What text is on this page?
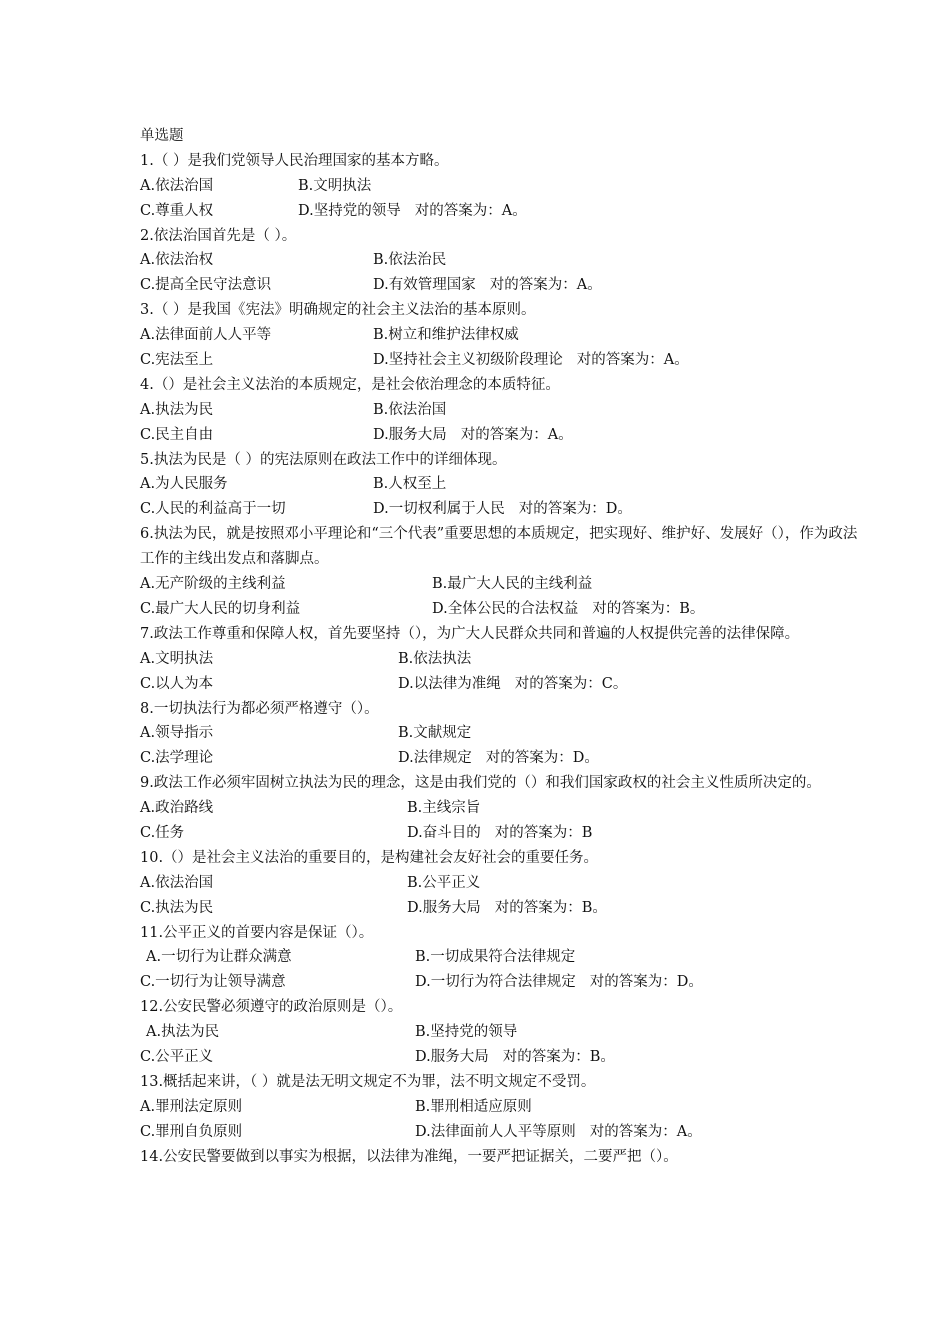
单选题
1.（ ）是我们党领导人民治理国家的基本方略。
A.依法治国	B.文明执法
C.尊重人权	D.坚持党的领导 对的答案为：A。
2.依法治国首先是（ ）。
A.依法治权	B.依法治民
C.提高全民守法意识	D.有效管理国家 对的答案为：A。
3.（ ）是我国《宪法》明确规定的社会主义法治的基本原则。
A.法律面前人人平等	B.树立和维护法律权威
C.宪法至上	D.坚持社会主义初级阶段理论 对的答案为：A。
4.（）是社会主义法治的本质规定，是社会依治理念的本质特征。
A.执法为民	B.依法治国
C.民主自由	D.服务大局 对的答案为：A。
5.执法为民是（ ）的宪法原则在政法工作中的详细体现。
A.为人民服务	B.人权至上
C.人民的利益高于一切	D.一切权利属于人民 对的答案为：D。
6.执法为民，就是按照邓小平理论和“三个代表”重要思想的本质规定，把实现好、维护好、发展好（），作为政法工作的主线出发点和落脚点。
A.无产阶级的主线利益	B.最广大人民的主线利益
C.最广大人民的切身利益	D.全体公民的合法权益 对的答案为：B。
7.政法工作尊重和保障人权，首先要坚持（），为广大人民群众共同和普遍的人权提供完善的法律保障。
A.文明执法	B.依法执法
C.以人为本	D.以法律为准绳 对的答案为：C。
8.一切执法行为都必须严格遵守（）。
A.领导指示	B.文献规定
C.法学理论	D.法律规定 对的答案为：D。
9.政法工作必须牢固树立执法为民的理念，这是由我们党的（）和我们国家政权的社会主义性质所决定的。
A.政治路线	B.主线宗旨
C.任务	D.奋斗目的 对的答案为：B
10.（）是社会主义法治的重要目的，是构建社会友好社会的重要任务。
A.依法治国	B.公平正义
C.执法为民	D.服务大局 对的答案为：B。
11.公平正义的首要内容是保证（）。
A.一切行为让群众满意	B.一切成果符合法律规定
C.一切行为让领导满意	D.一切行为符合法律规定 对的答案为：D。
12.公安民警必须遵守的政治原则是（）。
A.执法为民	B.坚持党的领导
C.公平正义	D.服务大局 对的答案为：B。
13.概括起来讲，（ ）就是法无明文规定不为罪，法不明文规定不受罚。
A.罪刑法定原则	B.罪刑相适应原则
C.罪刑自负原则	D.法律面前人人平等原则 对的答案为：A。
14.公安民警要做到以事实为根据，以法律为准绳，一要严把证据关，二要严把（）。
